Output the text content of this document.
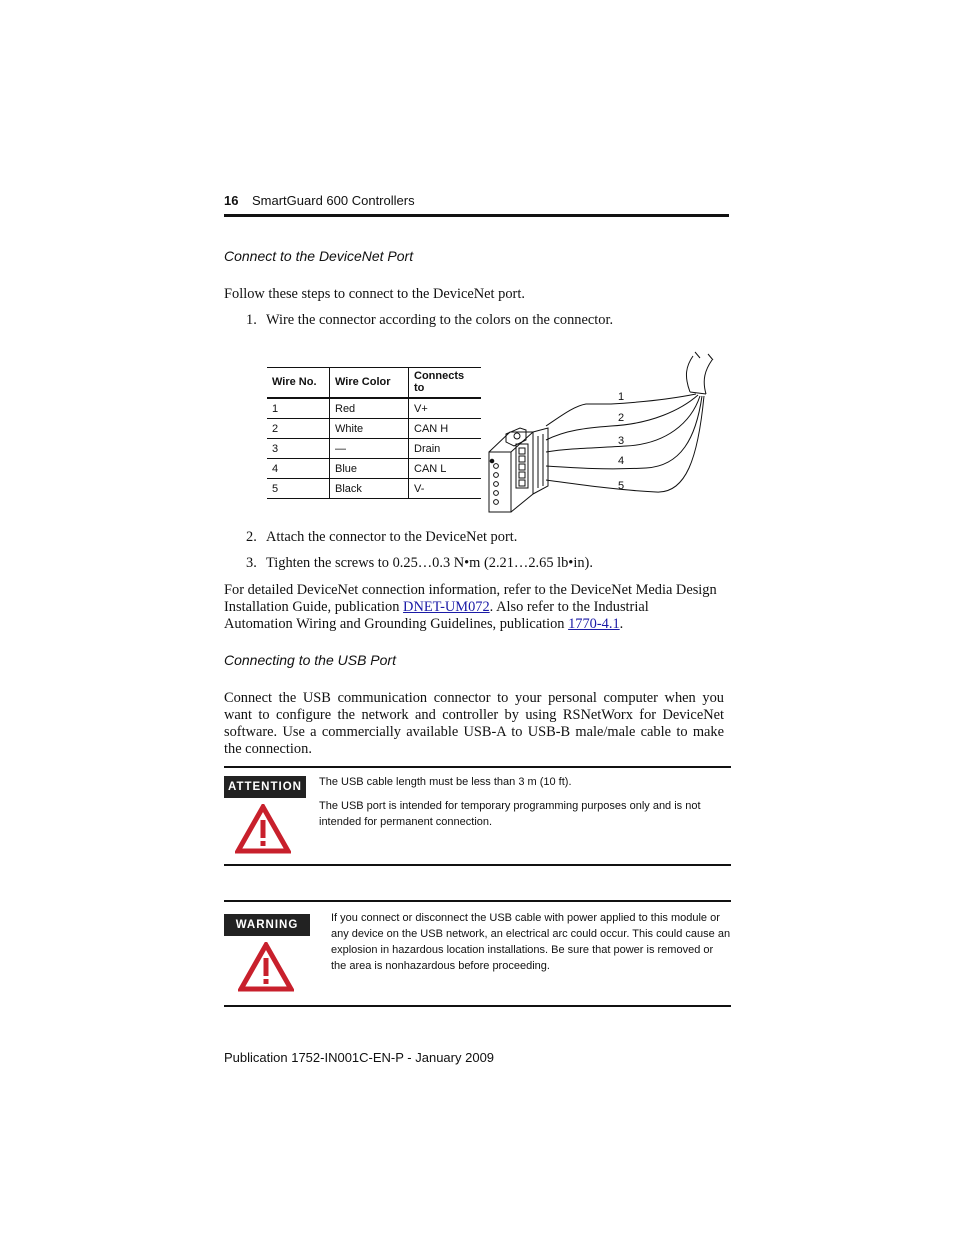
16 SmartGuard 600 Controllers
Connect to the DeviceNet Port
Follow these steps to connect to the DeviceNet port.
1. Wire the connector according to the colors on the connector.
Wire No.	Wire Color	Connects to
1	Red	V+
2	White	CAN H
3	—	Drain
4	Blue	CAN L
5	Black	V-
1
2
3
4
5
2. Attach the connector to the DeviceNet port.
3. Tighten the screws to 0.25…0.3 N•m (2.21…2.65 lb•in).
For detailed DeviceNet connection information, refer to the DeviceNet Media Design Installation Guide, publication DNET-UM072. Also refer to the Industrial Automation Wiring and Grounding Guidelines, publication 1770-4.1.
Connecting to the USB Port
Connect the USB communication connector to your personal computer when you want to configure the network and controller by using RSNetWorx for DeviceNet software. Use a commercially available USB-A to USB-B male/male cable to make the connection.
ATTENTION	The USB cable length must be less than 3 m (10 ft).

The USB port is intended for temporary programming purposes only and is not intended for permanent connection.

WARNING
If you connect or disconnect the USB cable with power applied to this module or any device on the USB network, an electrical arc could occur. This could cause an explosion in hazardous location installations. Be sure that power is removed or the area is nonhazardous before proceeding.
Publication 1752-IN001C-EN-P - January 2009
